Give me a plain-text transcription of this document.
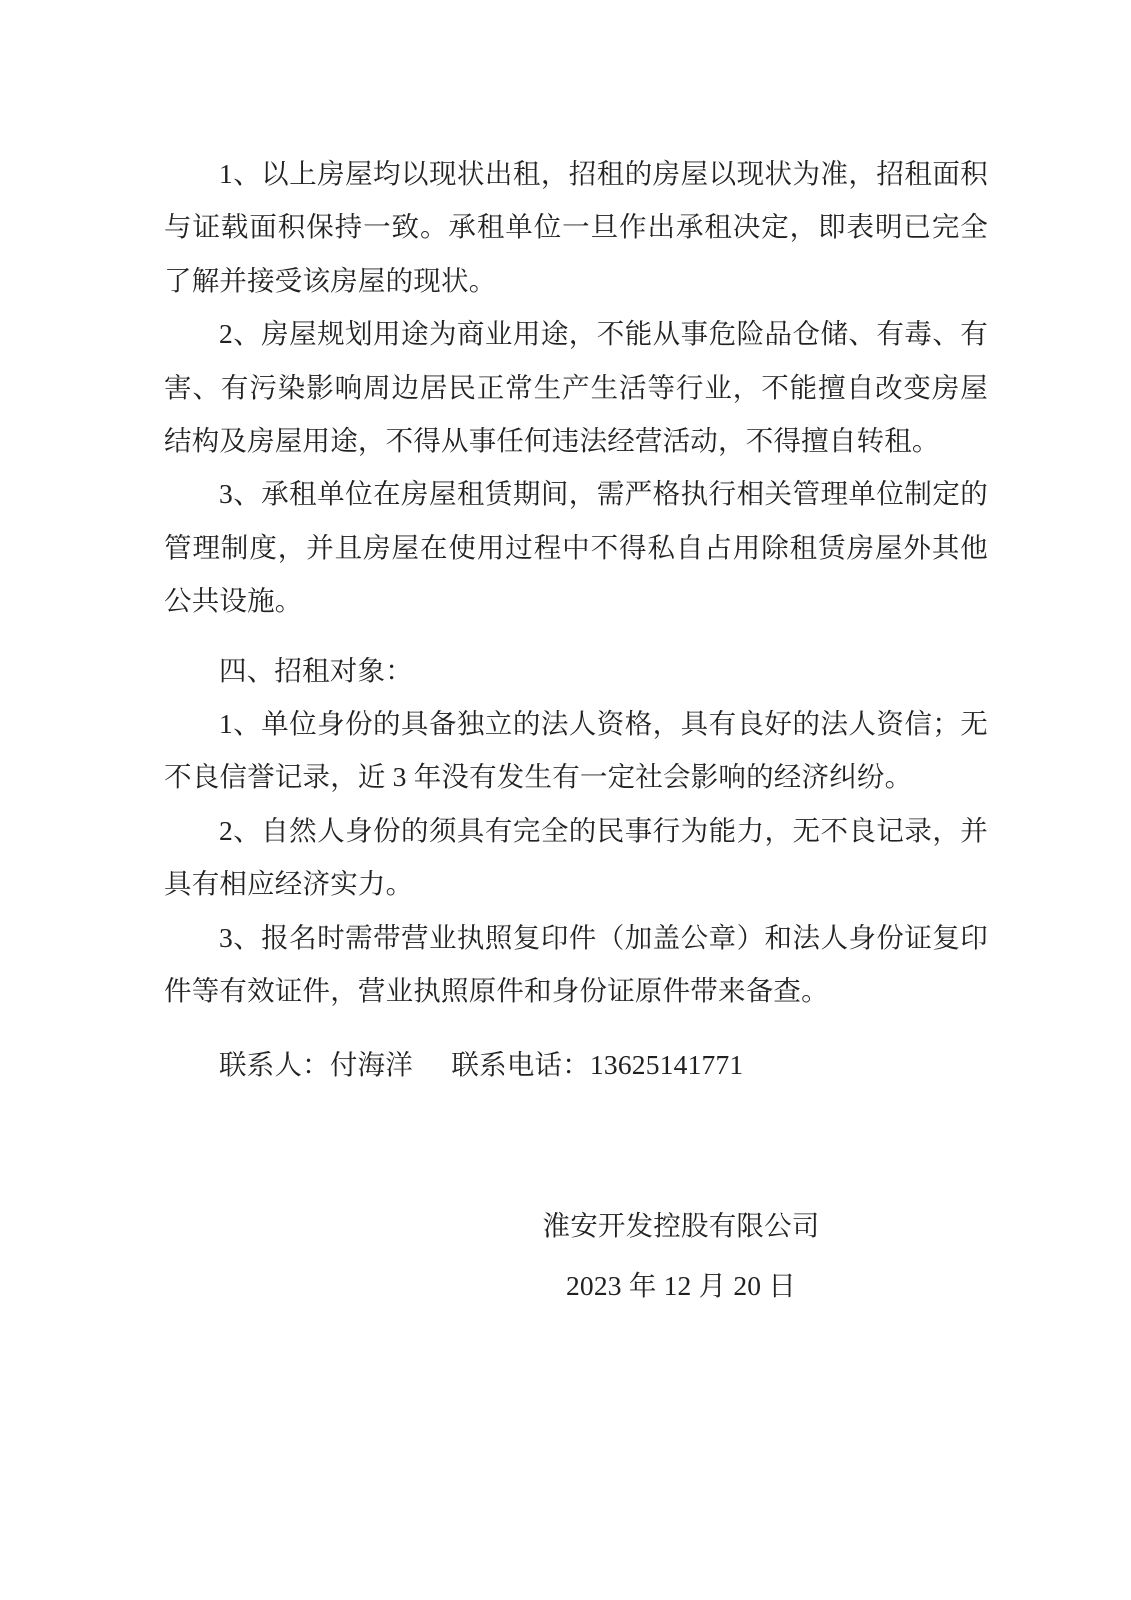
1、以上房屋均以现状出租，招租的房屋以现状为准，招租面积与证载面积保持一致。承租单位一旦作出承租决定，即表明已完全了解并接受该房屋的现状。

2、房屋规划用途为商业用途，不能从事危险品仓储、有毒、有害、有污染影响周边居民正常生产生活等行业，不能擅自改变房屋结构及房屋用途，不得从事任何违法经营活动，不得擅自转租。

3、承租单位在房屋租赁期间，需严格执行相关管理单位制定的管理制度，并且房屋在使用过程中不得私自占用除租赁房屋外其他公共设施。

四、招租对象：

1、单位身份的具备独立的法人资格，具有良好的法人资信；无不良信誉记录，近 3 年没有发生有一定社会影响的经济纠纷。

2、自然人身份的须具有完全的民事行为能力，无不良记录，并具有相应经济实力。

3、报名时需带营业执照复印件（加盖公章）和法人身份证复印件等有效证件，营业执照原件和身份证原件带来备查。

联系人：付海洋 联系电话：13625141771

淮安开发控股有限公司

2023 年 12 月 20 日
